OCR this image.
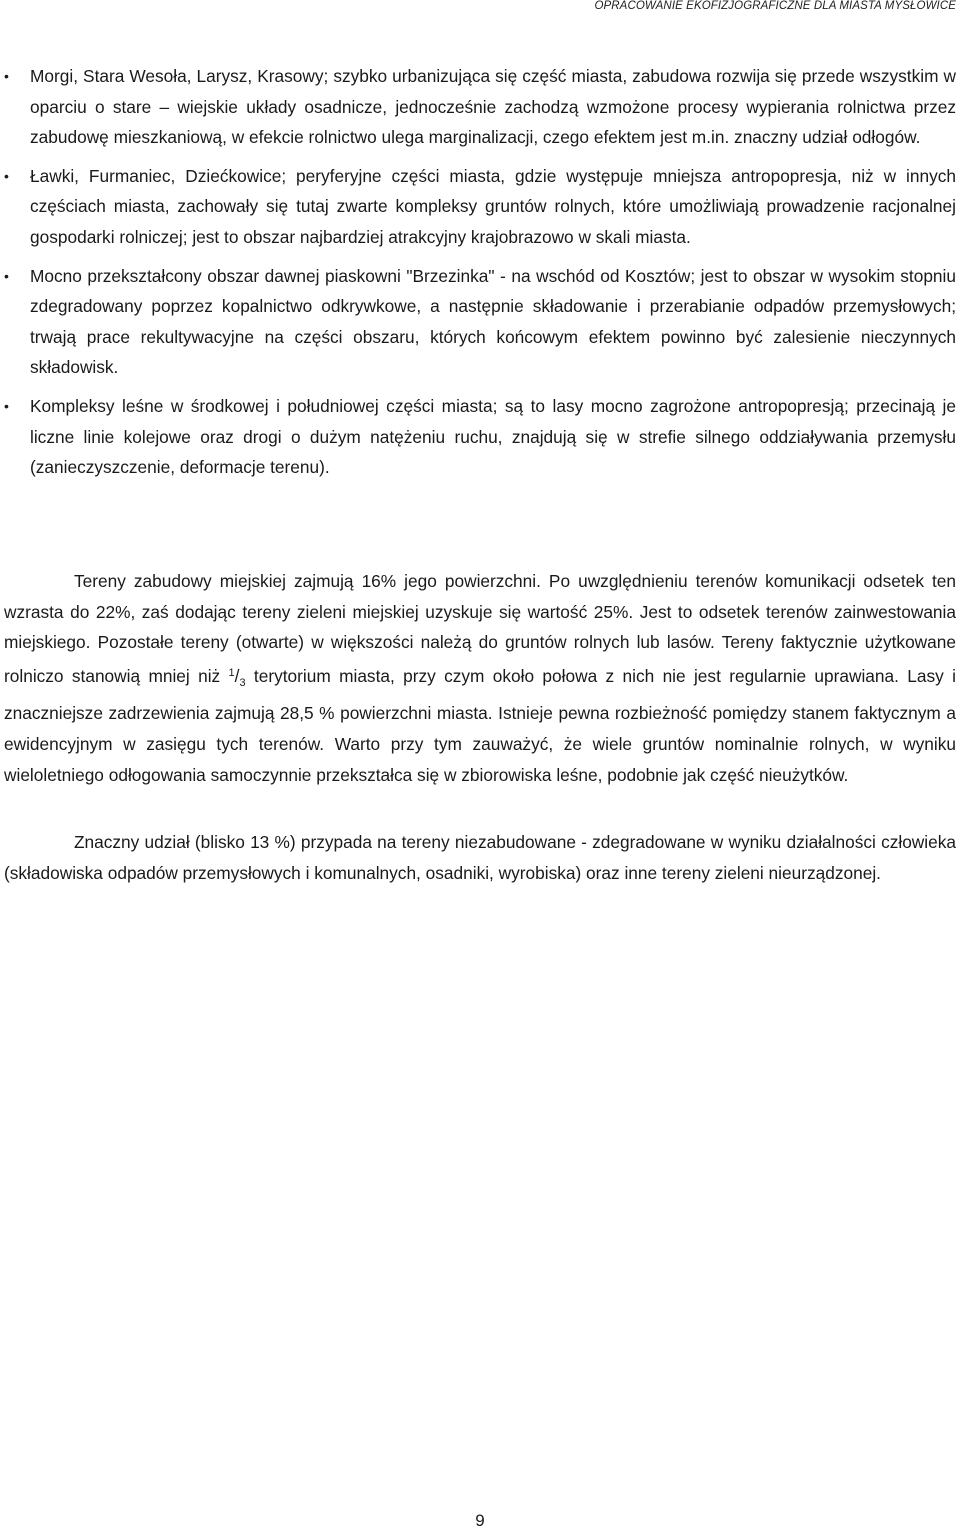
OPRACOWANIE EKOFIZJOGRAFICZNE DLA MIASTA MYSŁOWICE
• Morgi, Stara Wesoła, Larysz, Krasowy; szybko urbanizująca się część miasta, zabudowa rozwija się przede wszystkim w oparciu o stare – wiejskie układy osadnicze, jednocześnie zachodzą wzmożone procesy wypierania rolnictwa przez zabudowę mieszkaniową, w efekcie rolnictwo ulega marginalizacji, czego efektem jest m.in. znaczny udział odłogów.
• Ławki, Furmaniec, Dziećkowice; peryferyjne części miasta, gdzie występuje mniejsza antropopresja, niż w innych częściach miasta, zachowały się tutaj zwarte kompleksy gruntów rolnych, które umożliwiają prowadzenie racjonalnej gospodarki rolniczej; jest to obszar najbardziej atrakcyjny krajobrazowo w skali miasta.
• Mocno przekształcony obszar dawnej piaskowni "Brzezinka" - na wschód od Kosztów; jest to obszar w wysokim stopniu zdegradowany poprzez kopalnictwo odkrywkowe, a następnie składowanie i przerabianie odpadów przemysłowych; trwają prace rekultywacyjne na części obszaru, których końcowym efektem powinno być zalesienie nieczynnych składowisk.
• Kompleksy leśne w środkowej i południowej części miasta; są to lasy mocno zagrożone antropopresją; przecinają je liczne linie kolejowe oraz drogi o dużym natężeniu ruchu, znajdują się w strefie silnego oddziaływania przemysłu (zanieczyszczenie, deformacje terenu).

Tereny zabudowy miejskiej zajmują 16% jego powierzchni. Po uwzględnieniu terenów komunikacji odsetek ten wzrasta do 22%, zaś dodając tereny zieleni miejskiej uzyskuje się wartość 25%. Jest to odsetek terenów zainwestowania miejskiego. Pozostałe tereny (otwarte) w większości należą do gruntów rolnych lub lasów. Tereny faktycznie użytkowane rolniczo stanowią mniej niż $^1/_3$ terytorium miasta, przy czym około połowa z nich nie jest regularnie uprawiana. Lasy i znaczniejsze zadrzewienia zajmują 28,5 % powierzchni miasta. Istnieje pewna rozbieżność pomiędzy stanem faktycznym a ewidencyjnym w zasięgu tych terenów. Warto przy tym zauważyć, że wiele gruntów nominalnie rolnych, w wyniku wieloletniego odłogowania samoczynnie przekształca się w zbiorowiska leśne, podobnie jak część nieużytków.

Znaczny udział (blisko 13 %) przypada na tereny niezabudowane - zdegradowane w wyniku działalności człowieka (składowiska odpadów przemysłowych i komunalnych, osadniki, wyrobiska) oraz inne tereny zieleni nieurządzonej.

9
